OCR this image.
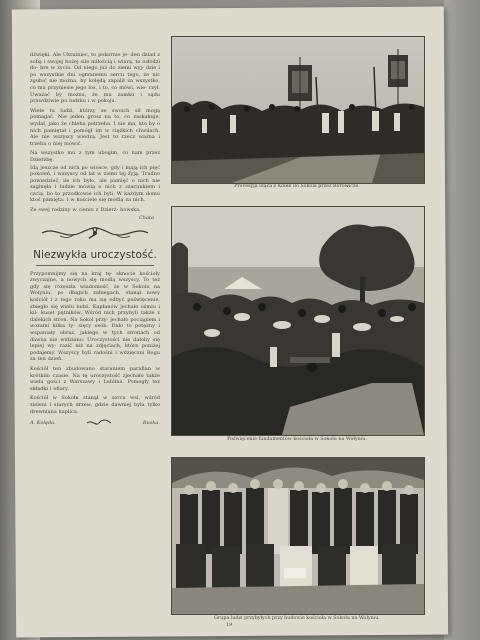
dźwięki. Ale Ukrainiec, to pokornie je- den dziad z sobą i swojej bożej sile miłością i wiarą, to osłodzi do- bre w życiu. Od niego już do ziemi wyj- dzie i po wszystkie dni ogrzanemu sercu tego, że nic zgubić nie można, by kolędą zapalił za wszystko, co mu przyniesie jego los, i to, co mówi, wie- rzył. Uważać by można, że mu zamku i sądu prawdziwie po ludzku i w pokoju.

Wiele tu ludzi, którzy ze swoich sił mogą pomagać. Nie jeden grosz na to, co zaskakuje, wydał, jako że chleba potrzeba. I nie ma, kto by o nich pamiętał i pomógł im w ciężkich chwilach. Ale nie wszyscy wiedzą. Jest to rzecz ważna i trzeba o niej mówić.

Na wszystko mu z tym ubogim, co nam przez Dzierżbę.

Idą jeszcze od nich po wiosce, gdy i mają ich pięć pokoleń, i wszyscy od lat w ziemi tej żyją. Trudno powiedzieć, ile ich było, ale pamięć o nich nie zaginęła i ludzie mówią o nich z szacunkiem i czcią, bo to przodkowie ich byli. W każdym domu ktoś pamięta. I w kościele się modlą za nich.

Ze swej rodziny w cieniu z Dzierż- bowska.

Chata
Niezwykła uroczystość.

Przypomnijmy się na kraj tę- sknocie kościoły zwyczajne, a nowych się modlą wszyscy. To też gdy się rozeszła wiadomość, że w Sokolu na Wołyniu, po długich zabiegach, stanął nowy kościół i z tego roku ma się odbyć poświęcenie, zbiegło się wielu ludzi. Kapłanów jechało ośmiu i kil- kuset pątników. Wśród nich przybyli także z dalekich stron. Na Sokol przy- jechało pociągiem i wozami kilka ty- sięcy osób. Dało to potężny i wspaniały obraz, jakiego w tych stronach od dawna nie widziano. Uroczystości nie dałoby się lepiej wy- razić niż na zdjęciach, które poniżej podajemy. Wszyscy byli radośni i wdzięczni Bogu za ten dzień.

Kościół ten zbudowano staraniem parafian w krótkim czasie. Na tę uroczystość zjechało także wielu gości z Warszawy i Lublina. Pomogły też składki i ofiary.

Kościół w Sokolu stanął w sercu wsi, wśród zieleni i starych drzew, gdzie dawniej była tylko drewniana kaplica.

A. Kolęda.	Ruska.
Procesyja idąca z Kolek do Sokola przez Borowicze.
Poświęcenie fundamentów kościoła w Sokolu na Wołyniu.
Grupa ludzi przybyłych przy budowie kościoła w Sokolu na Wołyniu.
19
